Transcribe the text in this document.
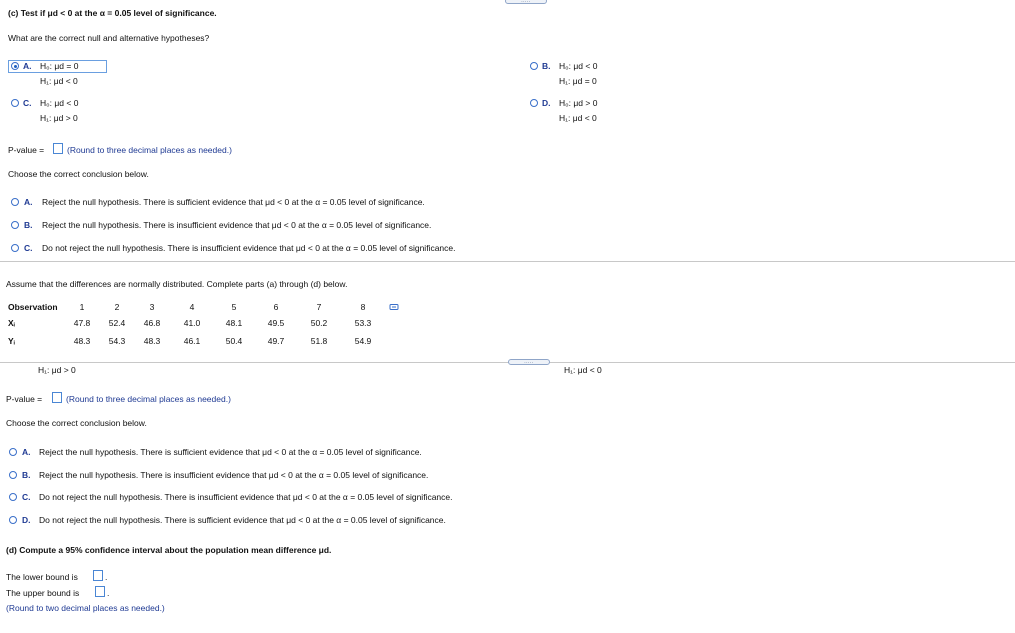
.....
(c) Test if μd < 0 at the α = 0.05 level of significance.
What are the correct null and alternative hypotheses?
A. H₀: μd = 0
H₁: μd < 0
B. H₀: μd < 0
H₁: μd = 0
C. H₀: μd < 0
H₁: μd > 0
D. H₀: μd > 0
H₁: μd < 0
P-value =	(Round to three decimal places as needed.)
Choose the correct conclusion below.
A. Reject the null hypothesis. There is sufficient evidence that μd < 0 at the α = 0.05 level of significance.
B. Reject the null hypothesis. There is insufficient evidence that μd < 0 at the α = 0.05 level of significance.
C. Do not reject the null hypothesis. There is insufficient evidence that μd < 0 at the α = 0.05 level of significance.
Assume that the differences are normally distributed. Complete parts (a) through (d) below.
Observation	1	2	3	4	5	6	7	8
Xᵢ	47.8	52.4	46.8	41.0	48.1	49.5	50.2	53.3
Yᵢ	48.3	54.3	48.3	46.1	50.4	49.7	51.8	54.9
.....
H₁: μd > 0	H₁: μd < 0
P-value =	(Round to three decimal places as needed.)
Choose the correct conclusion below.
A. Reject the null hypothesis. There is sufficient evidence that μd < 0 at the α = 0.05 level of significance.
B. Reject the null hypothesis. There is insufficient evidence that μd < 0 at the α = 0.05 level of significance.
C. Do not reject the null hypothesis. There is insufficient evidence that μd < 0 at the α = 0.05 level of significance.
D. Do not reject the null hypothesis. There is sufficient evidence that μd < 0 at the α = 0.05 level of significance.
(d) Compute a 95% confidence interval about the population mean difference μd.
The lower bound is	.
The upper bound is	.
(Round to two decimal places as needed.)
